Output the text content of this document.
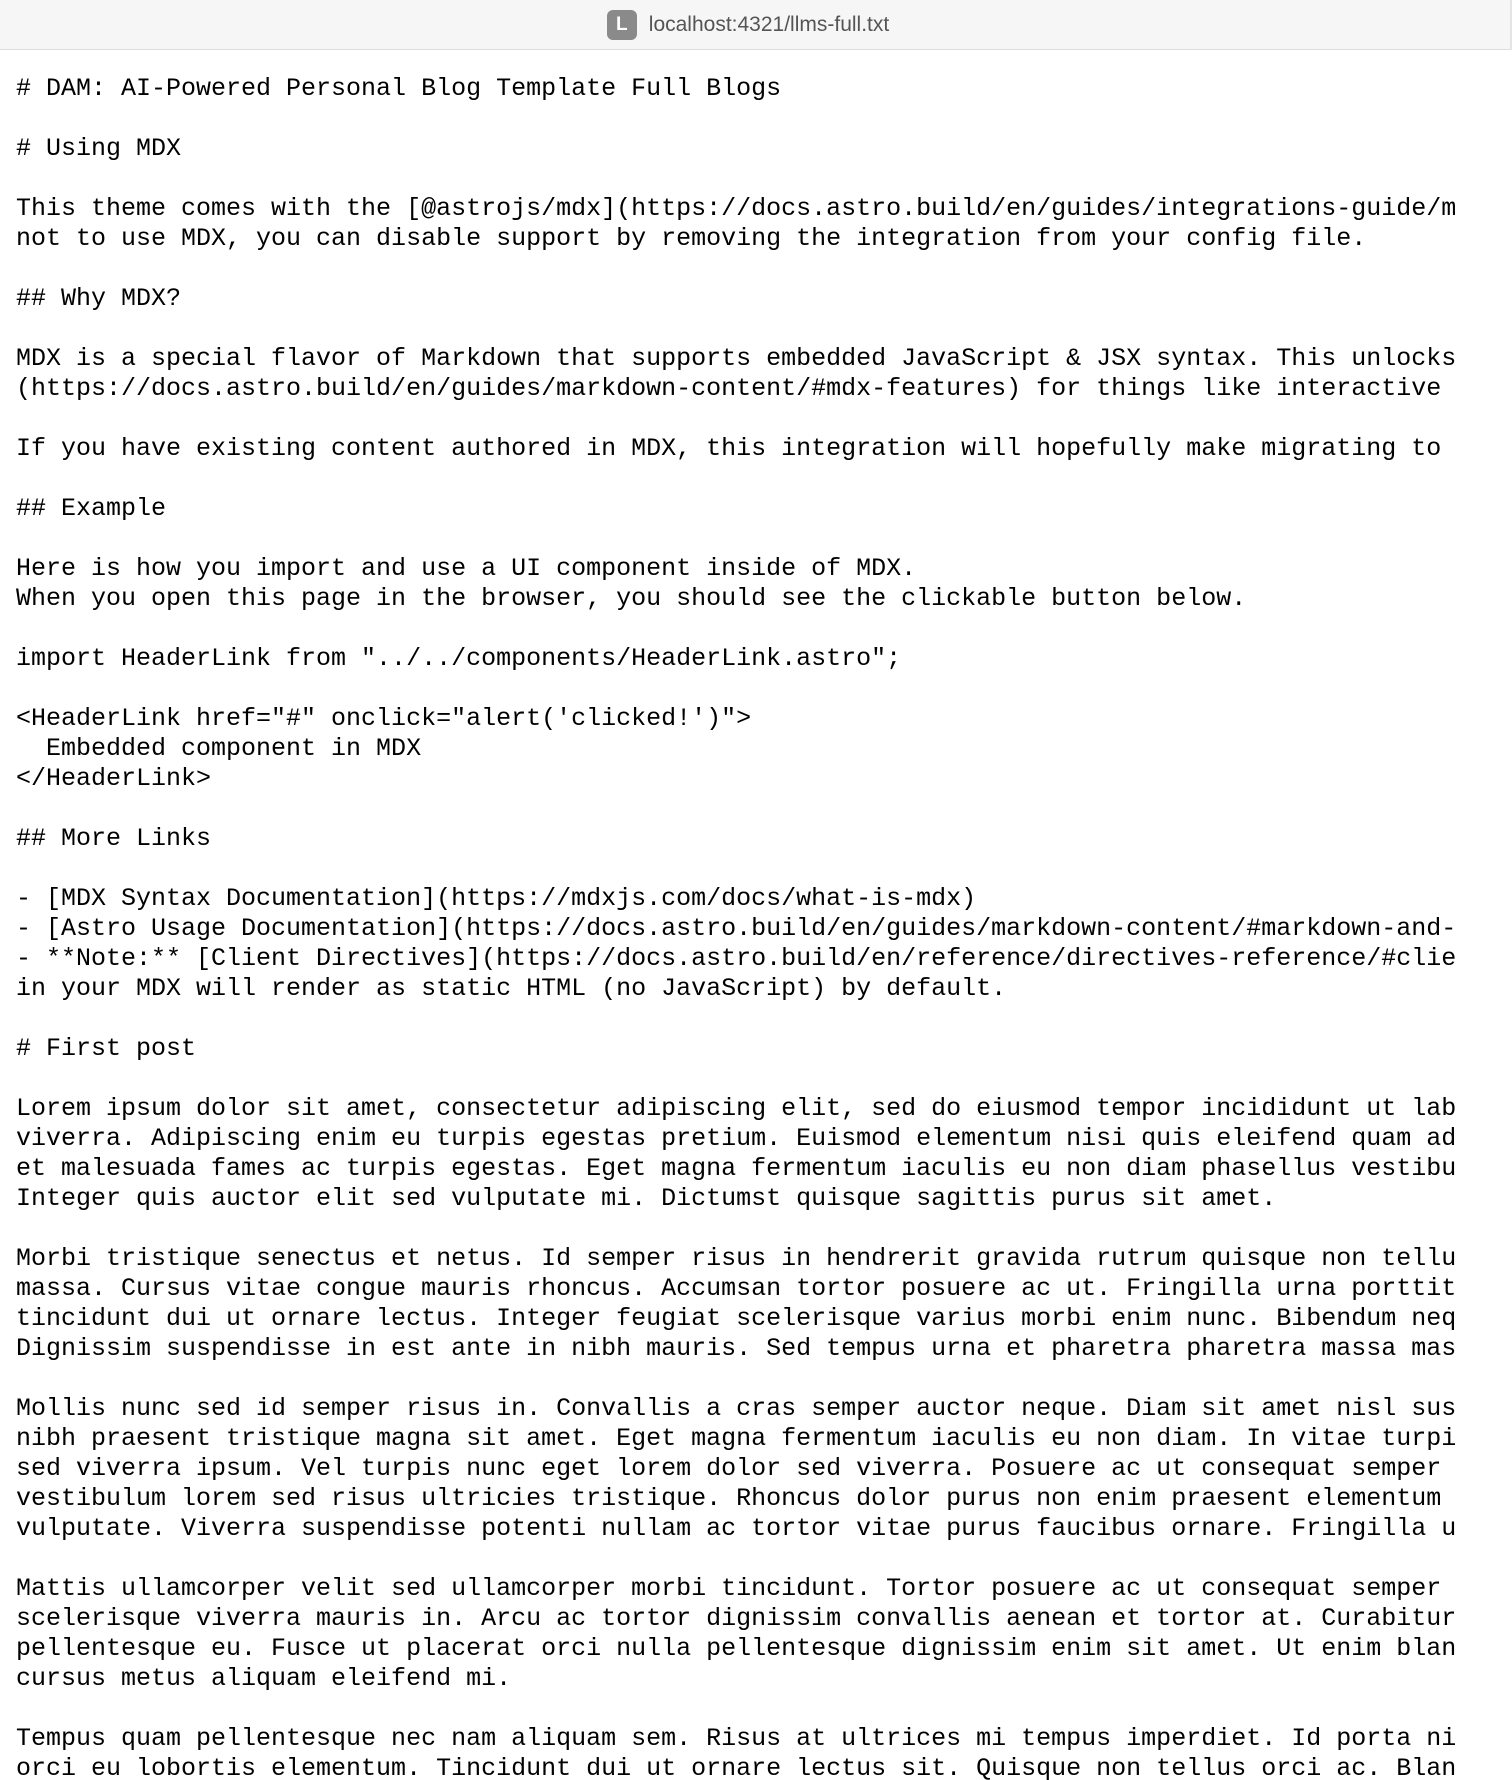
L	localhost:4321/llms-full.txt
# DAM: AI-Powered Personal Blog Template Full Blogs
# Using MDX
This theme comes with the [@astrojs/mdx](https://docs.astro.build/en/guides/integrations-guide/m
not to use MDX, you can disable support by removing the integration from your config file.
## Why MDX?
MDX is a special flavor of Markdown that supports embedded JavaScript & JSX syntax. This unlocks
(https://docs.astro.build/en/guides/markdown-content/#mdx-features) for things like interactive
If you have existing content authored in MDX, this integration will hopefully make migrating to
## Example
Here is how you import and use a UI component inside of MDX.
When you open this page in the browser, you should see the clickable button below.
import HeaderLink from "../../components/HeaderLink.astro";
<HeaderLink href="#" onclick="alert('clicked!')">
Embedded component in MDX
</HeaderLink>
## More Links
- [MDX Syntax Documentation](https://mdxjs.com/docs/what-is-mdx)
- [Astro Usage Documentation](https://docs.astro.build/en/guides/markdown-content/#markdown-and-
- **Note:** [Client Directives](https://docs.astro.build/en/reference/directives-reference/#clie
in your MDX will render as static HTML (no JavaScript) by default.
# First post
Lorem ipsum dolor sit amet, consectetur adipiscing elit, sed do eiusmod tempor incididunt ut lab
viverra. Adipiscing enim eu turpis egestas pretium. Euismod elementum nisi quis eleifend quam ad
et malesuada fames ac turpis egestas. Eget magna fermentum iaculis eu non diam phasellus vestibu
Integer quis auctor elit sed vulputate mi. Dictumst quisque sagittis purus sit amet.
Morbi tristique senectus et netus. Id semper risus in hendrerit gravida rutrum quisque non tellu
massa. Cursus vitae congue mauris rhoncus. Accumsan tortor posuere ac ut. Fringilla urna porttit
tincidunt dui ut ornare lectus. Integer feugiat scelerisque varius morbi enim nunc. Bibendum neq
Dignissim suspendisse in est ante in nibh mauris. Sed tempus urna et pharetra pharetra massa mas
Mollis nunc sed id semper risus in. Convallis a cras semper auctor neque. Diam sit amet nisl sus
nibh praesent tristique magna sit amet. Eget magna fermentum iaculis eu non diam. In vitae turpi
sed viverra ipsum. Vel turpis nunc eget lorem dolor sed viverra. Posuere ac ut consequat semper
vestibulum lorem sed risus ultricies tristique. Rhoncus dolor purus non enim praesent elementum
vulputate. Viverra suspendisse potenti nullam ac tortor vitae purus faucibus ornare. Fringilla u
Mattis ullamcorper velit sed ullamcorper morbi tincidunt. Tortor posuere ac ut consequat semper
scelerisque viverra mauris in. Arcu ac tortor dignissim convallis aenean et tortor at. Curabitur
pellentesque eu. Fusce ut placerat orci nulla pellentesque dignissim enim sit amet. Ut enim blan
cursus metus aliquam eleifend mi.
Tempus quam pellentesque nec nam aliquam sem. Risus at ultrices mi tempus imperdiet. Id porta ni
orci eu lobortis elementum. Tincidunt dui ut ornare lectus sit. Quisque non tellus orci ac. Blan
